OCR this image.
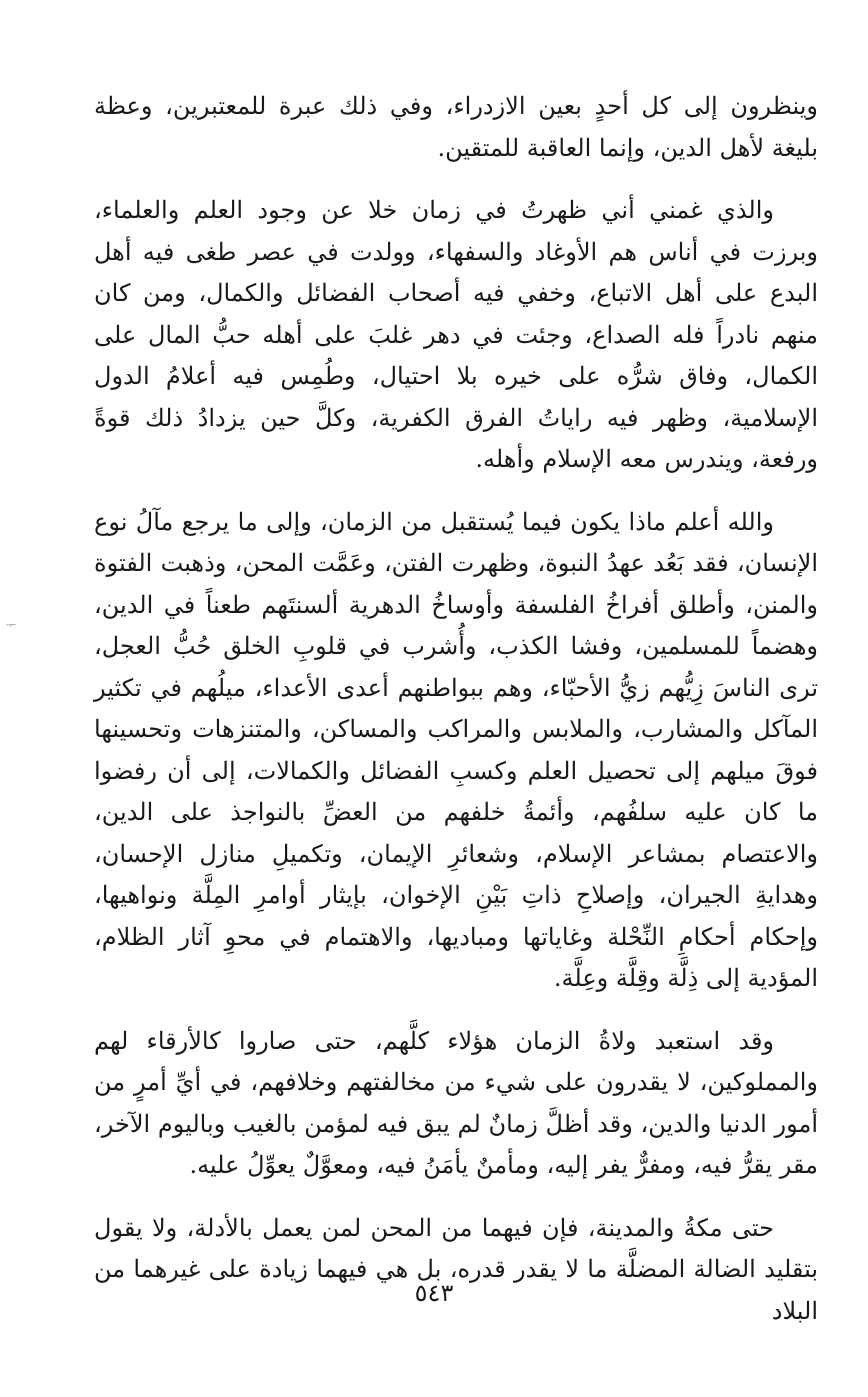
وينظرون إلى كل أحدٍ بعين الازدراء، وفي ذلك عبرة للمعتبرين، وعظة بليغة لأهل الدين، وإنما العاقبة للمتقين.

والذي غمني أني ظهرتُ في زمان خلا عن وجود العلم والعلماء، وبرزت في أناس هم الأوغاد والسفهاء، وولدت في عصر طغى فيه أهل البدع على أهل الاتباع، وخفي فيه أصحاب الفضائل والكمال، ومن كان منهم نادراً فله الصداع، وجئت في دهر غلبَ على أهله حبُّ المال على الكمال، وفاق شرُّه على خيره بلا احتيال، وطُمِس فيه أعلامُ الدول الإسلامية، وظهر فيه راياتُ الفرق الكفرية، وكلَّ حين يزدادُ ذلك قوةً ورفعة، ويندرس معه الإسلام وأهله.

والله أعلم ماذا يكون فيما يُستقبل من الزمان، وإلى ما يرجع مآلُ نوع الإنسان، فقد بَعُد عهدُ النبوة، وظهرت الفتن، وعَمَّت المحن، وذهبت الفتوة والمنن، وأطلق أفراخُ الفلسفة وأوساخُ الدهرية ألسنتَهم طعناً في الدين، وهضماً للمسلمين، وفشا الكذب، وأُشرب في قلوبِ الخلق حُبُّ العجل، ترى الناسَ زِيُّهم زيُّ الأحبّاء، وهم ببواطنهم أعدى الأعداء، ميلُهم في تكثير المآكل والمشارب، والملابس والمراكب والمساكن، والمتنزهات وتحسينها فوقَ ميلهم إلى تحصيل العلم وكسبِ الفضائل والكمالات، إلى أن رفضوا ما كان عليه سلفُهم، وأئمةُ خلفهم من العضِّ بالنواجذ على الدين، والاعتصام بمشاعر الإسلام، وشعائرِ الإيمان، وتكميلِ منازل الإحسان، وهدايةِ الجيران، وإصلاحِ ذاتِ بَيْنِ الإخوان، بإيثار أوامرِ المِلَّة ونواهيها، وإحكام أحكامِ النِّحْلة وغاياتها ومباديها، والاهتمام في محوِ آثار الظلام، المؤدية إلى ذِلَّة وقِلَّة وعِلَّة.

وقد استعبد ولاةُ الزمان هؤلاء كلَّهم، حتى صاروا كالأرقاء لهم والمملوكين، لا يقدرون على شيء من مخالفتهم وخلافهم، في أيِّ أمرٍ من أمور الدنيا والدين، وقد أظلَّ زمانٌ لم يبق فيه لمؤمن بالغيب وباليوم الآخر، مقر يقرُّ فيه، ومفرٌّ يفر إليه، ومأمنٌ يأمَنُ فيه، ومعوَّلٌ يعوِّلُ عليه.

حتى مكةُ والمدينة، فإن فيهما من المحن لمن يعمل بالأدلة، ولا يقول بتقليد الضالة المضلَّة ما لا يقدر قدره، بل هي فيهما زيادة على غيرهما من البلاد

ᅮ
٥٤٣
